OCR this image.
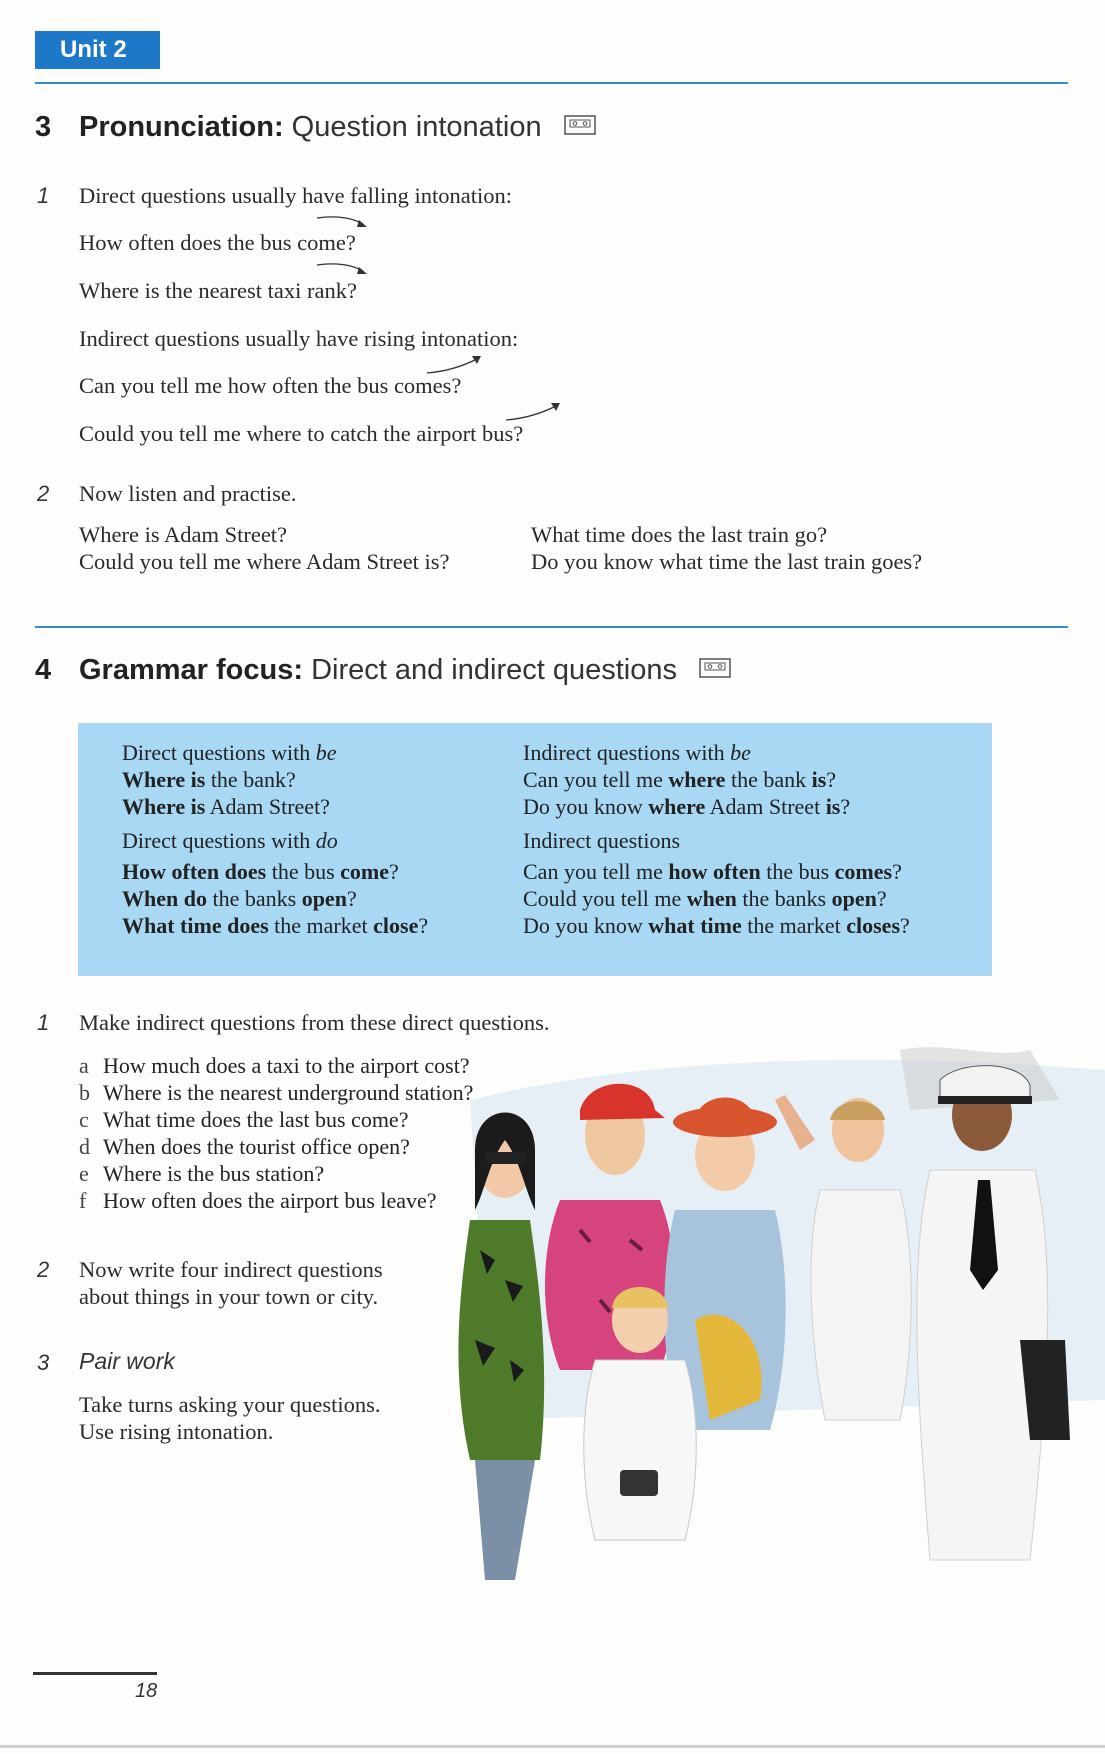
Unit 2
3 Pronunciation: Question intonation
1 Direct questions usually have falling intonation:
How often does the bus come?
Where is the nearest taxi rank?
Indirect questions usually have rising intonation:
Can you tell me how often the bus comes?
Could you tell me where to catch the airport bus?
2 Now listen and practise.
Where is Adam Street?
Could you tell me where Adam Street is?
What time does the last train go?
Do you know what time the last train goes?
4 Grammar focus: Direct and indirect questions
Direct questions with be
Where is the bank?
Where is Adam Street?
Direct questions with do
How often does the bus come?
When do the banks open?
What time does the market close?
Indirect questions with be
Can you tell me where the bank is?
Do you know where Adam Street is?
Indirect questions
Can you tell me how often the bus comes?
Could you tell me when the banks open?
Do you know what time the market closes?
1 Make indirect questions from these direct questions.
a How much does a taxi to the airport cost?
b Where is the nearest underground station?
c What time does the last bus come?
d When does the tourist office open?
e Where is the bus station?
f How often does the airport bus leave?
2 Now write four indirect questions
about things in your town or city.
3 Pair work
Take turns asking your questions.
Use rising intonation.
18
